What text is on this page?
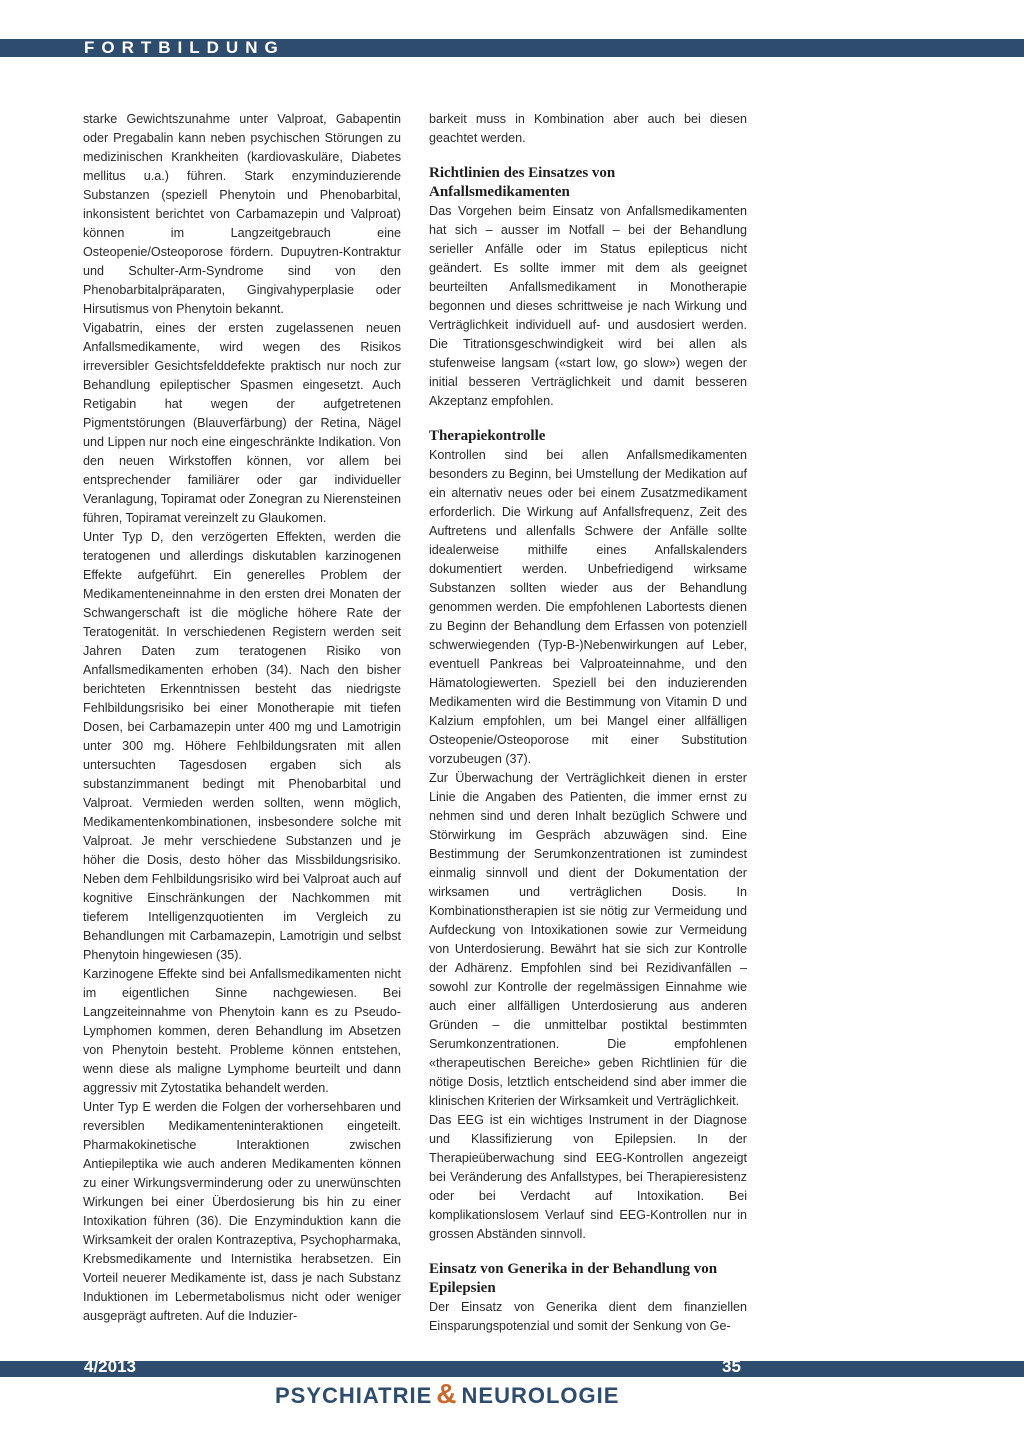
FORTBILDUNG

starke Gewichtszunahme unter Valproat, Gabapentin oder Pregabalin kann neben psychischen Störungen zu medizinischen Krankheiten (kardiovaskuläre, Diabetes mellitus u.a.) führen. Stark enzyminduzierende Substanzen (speziell Phenytoin und Phenobarbital, inkonsistent berichtet von Carbamazepin und Valproat) können im Langzeitgebrauch eine Osteopenie/Osteoporose fördern. Dupuytren-Kontraktur und Schulter-Arm-Syndrome sind von den Phenobarbitalpräparaten, Gingivahyperplasie oder Hirsutismus von Phenytoin bekannt.

Vigabatrin, eines der ersten zugelassenen neuen Anfallsmedikamente, wird wegen des Risikos irreversibler Gesichtsfelddefekte praktisch nur noch zur Behandlung epileptischer Spasmen eingesetzt. Auch Retigabin hat wegen der aufgetretenen Pigmentstörungen (Blauverfärbung) der Retina, Nägel und Lippen nur noch eine eingeschränkte Indikation. Von den neuen Wirkstoffen können, vor allem bei entsprechender familiärer oder gar individueller Veranlagung, Topiramat oder Zonegran zu Nierensteinen führen, Topiramat vereinzelt zu Glaukomen.

Unter Typ D, den verzögerten Effekten, werden die teratogenen und allerdings diskutablen karzinogenen Effekte aufgeführt. Ein generelles Problem der Medikamenteneinnahme in den ersten drei Monaten der Schwangerschaft ist die mögliche höhere Rate der Teratogenität. In verschiedenen Registern werden seit Jahren Daten zum teratogenen Risiko von Anfallsmedikamenten erhoben (34). Nach den bisher berichteten Erkenntnissen besteht das niedrigste Fehlbildungsrisiko bei einer Monotherapie mit tiefen Dosen, bei Carbamazepin unter 400 mg und Lamotrigin unter 300 mg. Höhere Fehlbildungsraten mit allen untersuchten Tagesdosen ergaben sich als substanzimmanent bedingt mit Phenobarbital und Valproat. Vermieden werden sollten, wenn möglich, Medikamentenkombinationen, insbesondere solche mit Valproat. Je mehr verschiedene Substanzen und je höher die Dosis, desto höher das Missbildungsrisiko. Neben dem Fehlbildungsrisiko wird bei Valproat auch auf kognitive Einschränkungen der Nachkommen mit tieferem Intelligenzquotienten im Vergleich zu Behandlungen mit Carbamazepin, Lamotrigin und selbst Phenytoin hingewiesen (35).

Karzinogene Effekte sind bei Anfallsmedikamenten nicht im eigentlichen Sinne nachgewiesen. Bei Langzeiteinnahme von Phenytoin kann es zu Pseudo-Lymphomen kommen, deren Behandlung im Absetzen von Phenytoin besteht. Probleme können entstehen, wenn diese als maligne Lymphome beurteilt und dann aggressiv mit Zytostatika behandelt werden.

Unter Typ E werden die Folgen der vorhersehbaren und reversiblen Medikamenteninteraktionen eingeteilt. Pharmakokinetische Interaktionen zwischen Antiepileptika wie auch anderen Medikamenten können zu einer Wirkungsverminderung oder zu unerwünschten Wirkungen bei einer Überdosierung bis hin zu einer Intoxikation führen (36). Die Enzyminduktion kann die Wirksamkeit der oralen Kontrazeptiva, Psychopharmaka, Krebsmedikamente und Internistika herabsetzen. Ein Vorteil neuerer Medikamente ist, dass je nach Substanz Induktionen im Lebermetabolismus nicht oder weniger ausgeprägt auftreten. Auf die Induzier-

barkeit muss in Kombination aber auch bei diesen geachtet werden.

Richtlinien des Einsatzes von Anfallsmedikamenten

Das Vorgehen beim Einsatz von Anfallsmedikamenten hat sich – ausser im Notfall – bei der Behandlung serieller Anfälle oder im Status epilepticus nicht geändert. Es sollte immer mit dem als geeignet beurteilten Anfallsmedikament in Monotherapie begonnen und dieses schrittweise je nach Wirkung und Verträglichkeit individuell auf- und ausdosiert werden. Die Titrationsgeschwindigkeit wird bei allen als stufenweise langsam («start low, go slow») wegen der initial besseren Verträglichkeit und damit besseren Akzeptanz empfohlen.

Therapiekontrolle

Kontrollen sind bei allen Anfallsmedikamenten besonders zu Beginn, bei Umstellung der Medikation auf ein alternativ neues oder bei einem Zusatzmedikament erforderlich. Die Wirkung auf Anfallsfrequenz, Zeit des Auftretens und allenfalls Schwere der Anfälle sollte idealerweise mithilfe eines Anfallskalenders dokumentiert werden. Unbefriedigend wirksame Substanzen sollten wieder aus der Behandlung genommen werden. Die empfohlenen Labortests dienen zu Beginn der Behandlung dem Erfassen von potenziell schwerwiegenden (Typ-B-)Nebenwirkungen auf Leber, eventuell Pankreas bei Valproateinnahme, und den Hämatologiewerten. Speziell bei den induzierenden Medikamenten wird die Bestimmung von Vitamin D und Kalzium empfohlen, um bei Mangel einer allfälligen Osteopenie/Osteoporose mit einer Substitution vorzubeugen (37).

Zur Überwachung der Verträglichkeit dienen in erster Linie die Angaben des Patienten, die immer ernst zu nehmen sind und deren Inhalt bezüglich Schwere und Störwirkung im Gespräch abzuwägen sind. Eine Bestimmung der Serumkonzentrationen ist zumindest einmalig sinnvoll und dient der Dokumentation der wirksamen und verträglichen Dosis. In Kombinationstherapien ist sie nötig zur Vermeidung und Aufdeckung von Intoxikationen sowie zur Vermeidung von Unterdosierung. Bewährt hat sie sich zur Kontrolle der Adhärenz. Empfohlen sind bei Rezidivanfällen – sowohl zur Kontrolle der regelmässigen Einnahme wie auch einer allfälligen Unterdosierung aus anderen Gründen – die unmittelbar postiktal bestimmten Serumkonzentrationen. Die empfohlenen «therapeutischen Bereiche» geben Richtlinien für die nötige Dosis, letztlich entscheidend sind aber immer die klinischen Kriterien der Wirksamkeit und Verträglichkeit.

Das EEG ist ein wichtiges Instrument in der Diagnose und Klassifizierung von Epilepsien. In der Therapieüberwachung sind EEG-Kontrollen angezeigt bei Veränderung des Anfallstypes, bei Therapieresistenz oder bei Verdacht auf Intoxikation. Bei komplikationslosem Verlauf sind EEG-Kontrollen nur in grossen Abständen sinnvoll.

Einsatz von Generika in der Behandlung von Epilepsien

Der Einsatz von Generika dient dem finanziellen Einsparungspotenzial und somit der Senkung von Ge-

4/2013	35
PSYCHIATRIE & NEUROLOGIE
